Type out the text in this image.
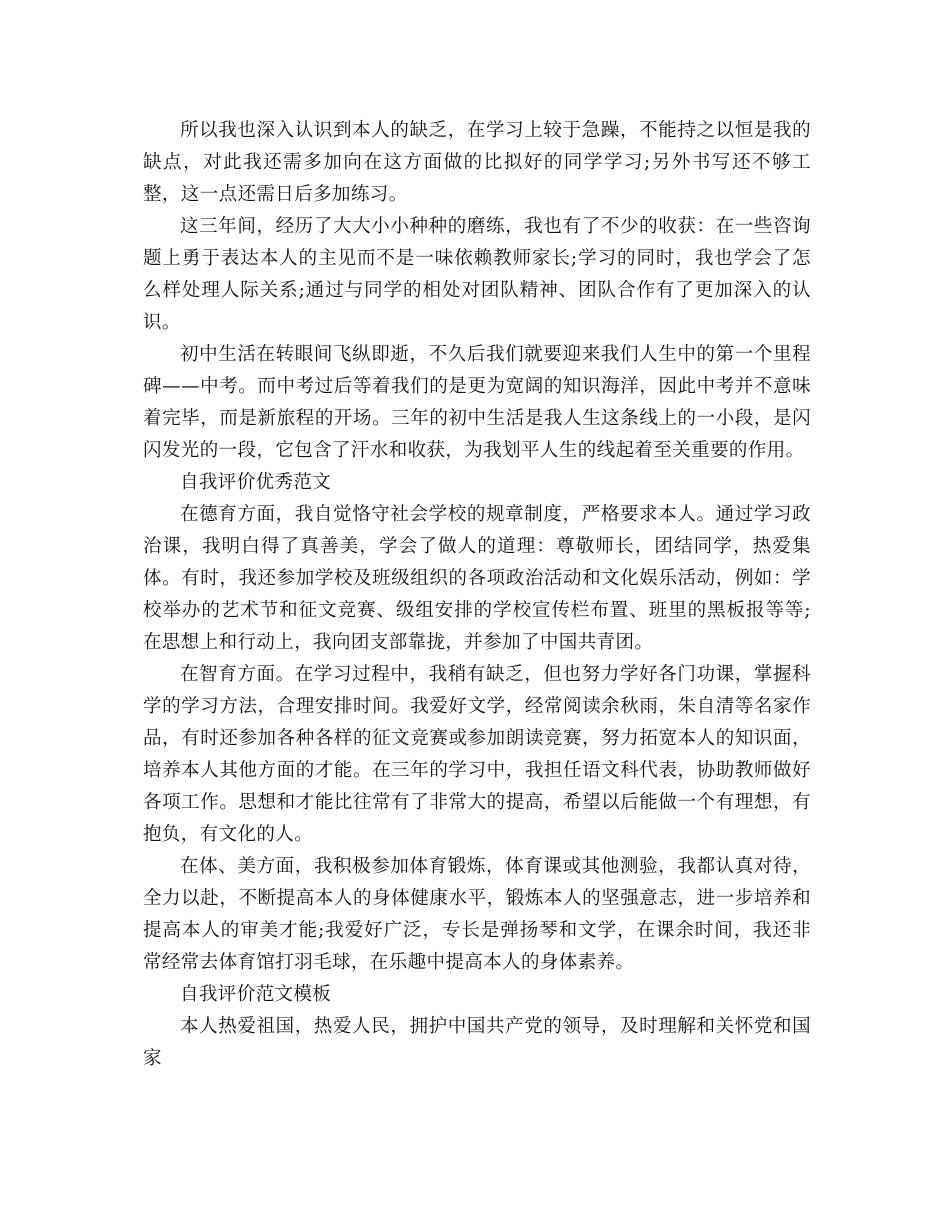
所以我也深入认识到本人的缺乏，在学习上较于急躁，不能持之以恒是我的缺点，对此我还需多加向在这方面做的比拟好的同学学习;另外书写还不够工整，这一点还需日后多加练习。

这三年间，经历了大大小小种种的磨练，我也有了不少的收获：在一些咨询题上勇于表达本人的主见而不是一味依赖教师家长;学习的同时，我也学会了怎么样处理人际关系;通过与同学的相处对团队精神、团队合作有了更加深入的认识。

初中生活在转眼间飞纵即逝，不久后我们就要迎来我们人生中的第一个里程碑——中考。而中考过后等着我们的是更为宽阔的知识海洋，因此中考并不意味着完毕，而是新旅程的开场。三年的初中生活是我人生这条线上的一小段，是闪闪发光的一段，它包含了汗水和收获，为我划平人生的线起着至关重要的作用。

自我评价优秀范文

在德育方面，我自觉恪守社会学校的规章制度，严格要求本人。通过学习政治课，我明白得了真善美，学会了做人的道理：尊敬师长，团结同学，热爱集体。有时，我还参加学校及班级组织的各项政治活动和文化娱乐活动，例如：学校举办的艺术节和征文竞赛、级组安排的学校宣传栏布置、班里的黑板报等等;在思想上和行动上，我向团支部靠拢，并参加了中国共青团。

在智育方面。在学习过程中，我稍有缺乏，但也努力学好各门功课，掌握科学的学习方法，合理安排时间。我爱好文学，经常阅读余秋雨，朱自清等名家作品，有时还参加各种各样的征文竞赛或参加朗读竞赛，努力拓宽本人的知识面，培养本人其他方面的才能。在三年的学习中，我担任语文科代表，协助教师做好各项工作。思想和才能比往常有了非常大的提高，希望以后能做一个有理想，有抱负，有文化的人。

在体、美方面，我积极参加体育锻炼，体育课或其他测验，我都认真对待，全力以赴，不断提高本人的身体健康水平，锻炼本人的坚强意志，进一步培养和提高本人的审美才能;我爱好广泛，专长是弹扬琴和文学，在课余时间，我还非常经常去体育馆打羽毛球，在乐趣中提高本人的身体素养。

自我评价范文模板

本人热爱祖国，热爱人民，拥护中国共产党的领导，及时理解和关怀党和国家
